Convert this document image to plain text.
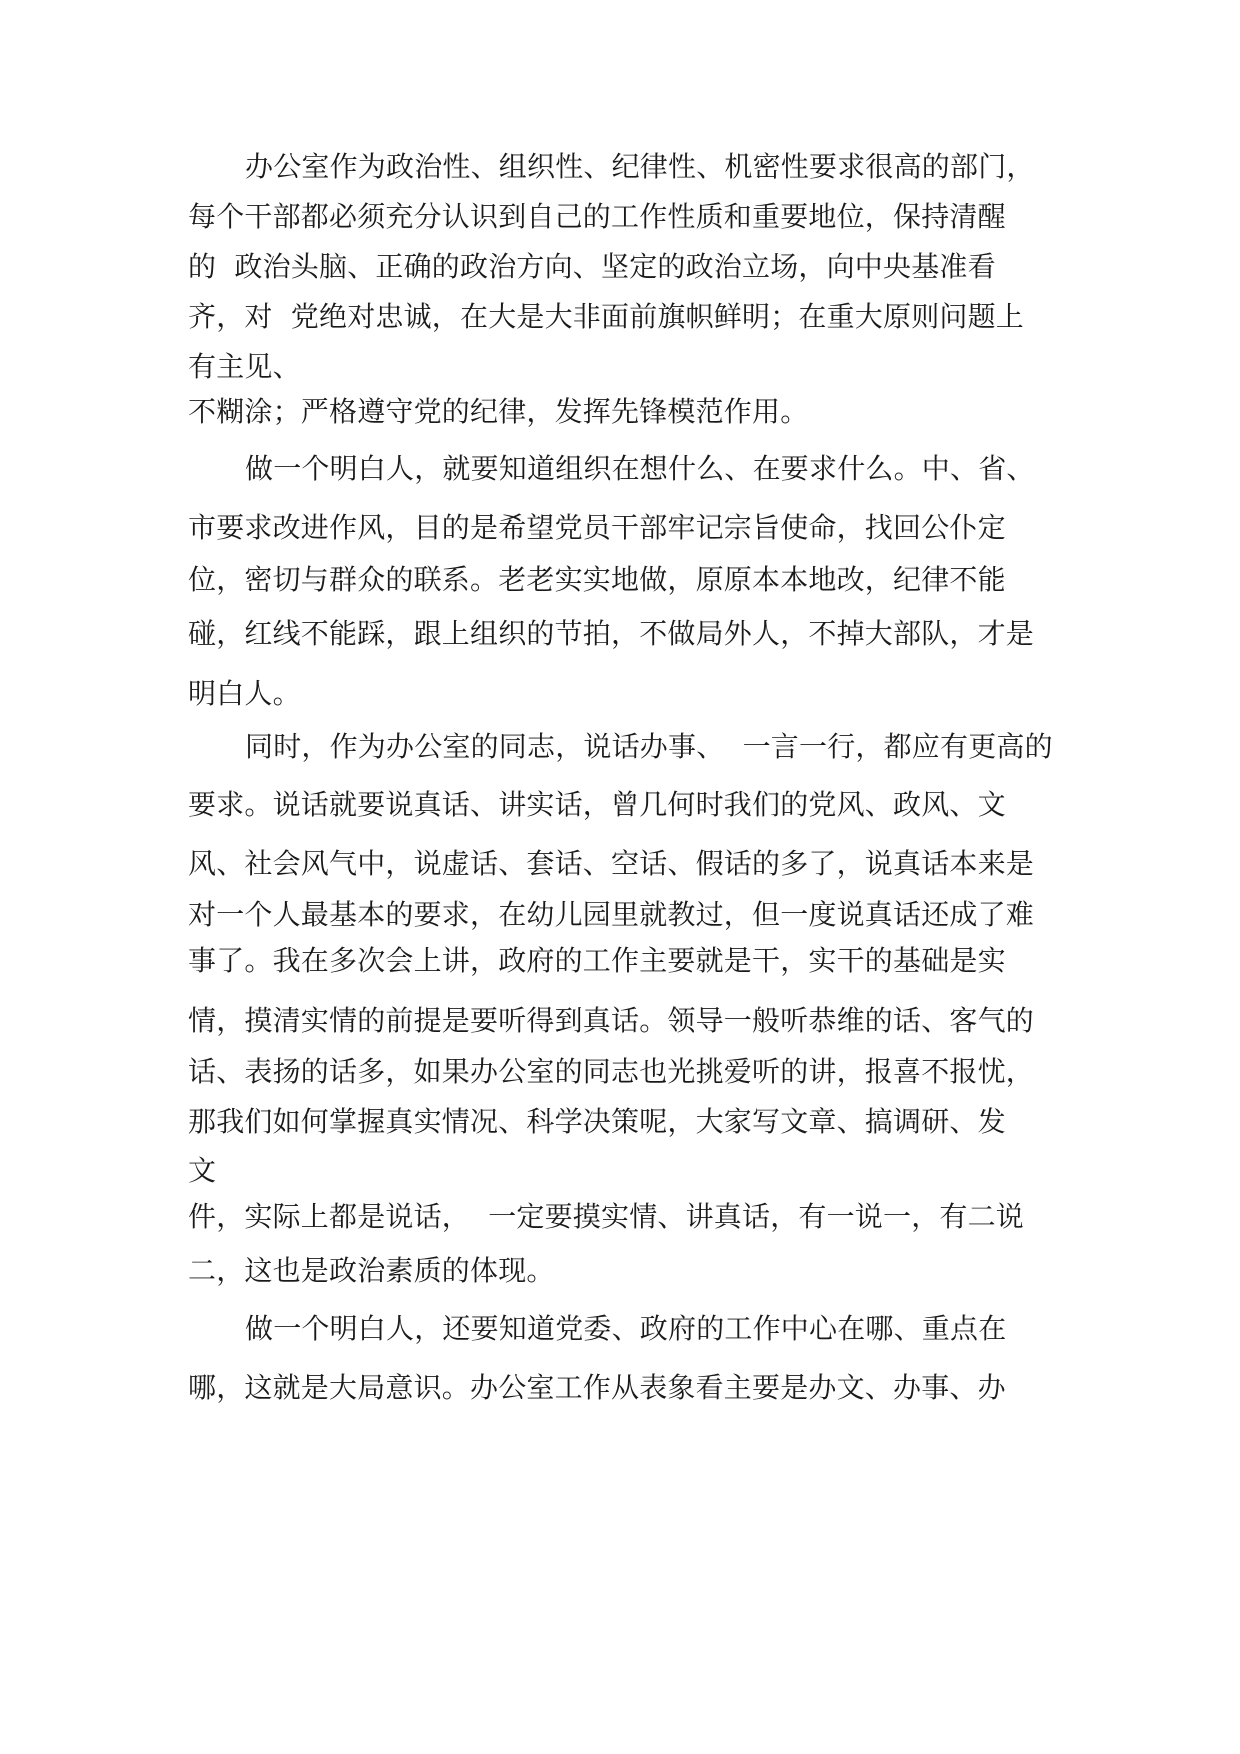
办公室作为政治性、组织性、纪律性、机密性要求很高的部门，
每个干部都必须充分认识到自己的工作性质和重要地位，保持清醒
的  政治头脑、正确的政治方向、坚定的政治立场，向中央基准看
齐，对  党绝对忠诚，在大是大非面前旗帜鲜明；在重大原则问题上
有主见、
不糊涂；严格遵守党的纪律，发挥先锋模范作用。
做一个明白人，就要知道组织在想什么、在要求什么。中、省、
市要求改进作风，目的是希望党员干部牢记宗旨使命，找回公仆定
位，密切与群众的联系。老老实实地做，原原本本地改，纪律不能
碰，红线不能踩，跟上组织的节拍，不做局外人，不掉大部队，才是
明白人。
同时，作为办公室的同志，说话办事、  一言一行，都应有更高的
要求。说话就要说真话、讲实话，曾几何时我们的党风、政风、文
风、社会风气中，说虚话、套话、空话、假话的多了，说真话本来是
对一个人最基本的要求，在幼儿园里就教过，但一度说真话还成了难
事了。我在多次会上讲，政府的工作主要就是干，实干的基础是实
情，摸清实情的前提是要听得到真话。领导一般听恭维的话、客气的
话、表扬的话多，如果办公室的同志也光挑爱听的讲，报喜不报忧，
那我们如何掌握真实情况、科学决策呢，大家写文章、搞调研、发
文
件，实际上都是说话，  一定要摸实情、讲真话，有一说一，有二说
二，这也是政治素质的体现。
做一个明白人，还要知道党委、政府的工作中心在哪、重点在
哪，这就是大局意识。办公室工作从表象看主要是办文、办事、办
